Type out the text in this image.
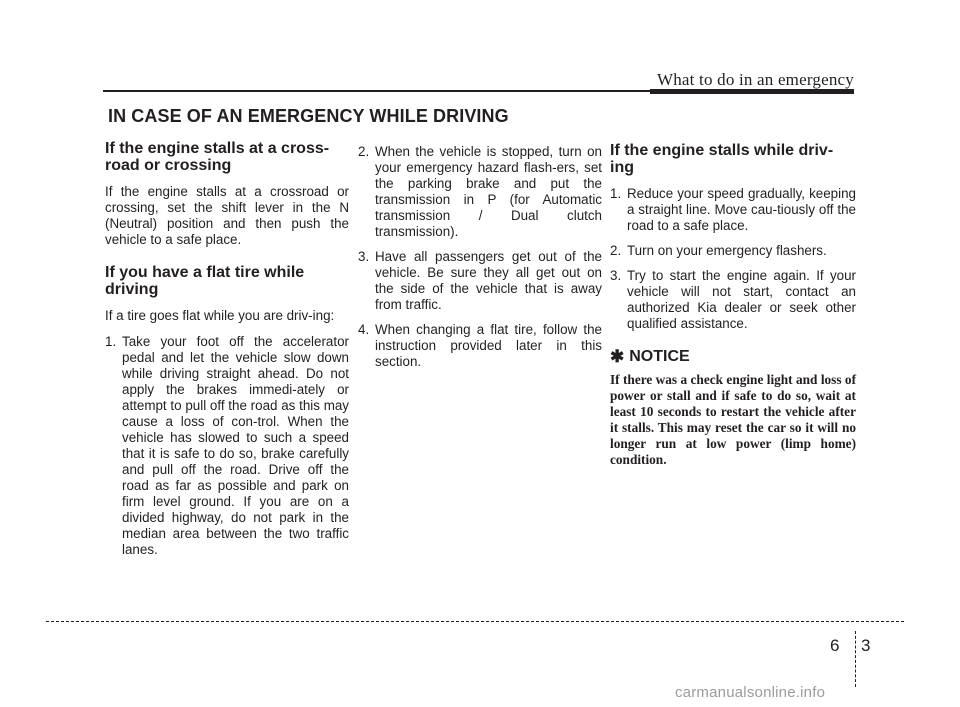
What to do in an emergency
IN CASE OF AN EMERGENCY WHILE DRIVING
If the engine stalls at a cross-
road or crossing

If the engine stalls at a crossroad or crossing, set the shift lever in the N (Neutral) position and then push the vehicle to a safe place.

If you have a flat tire while
driving

If a tire goes flat while you are driv-ing:

1. Take your foot off the accelerator pedal and let the vehicle slow down while driving straight ahead. Do not apply the brakes immedi-ately or attempt to pull off the road as this may cause a loss of con-trol. When the vehicle has slowed to such a speed that it is safe to do so, brake carefully and pull off the road. Drive off the road as far as possible and park on firm level ground. If you are on a divided highway, do not park in the median area between the two traffic lanes.
2. When the vehicle is stopped, turn on your emergency hazard flash-ers, set the parking brake and put the transmission in P (for Automatic transmission / Dual clutch transmission).
3. Have all passengers get out of the vehicle. Be sure they all get out on the side of the vehicle that is away from traffic.
4. When changing a flat tire, follow the instruction provided later in this section.
If the engine stalls while driv-
ing
1. Reduce your speed gradually, keeping a straight line. Move cau-tiously off the road to a safe place.
2. Turn on your emergency flashers.
3. Try to start the engine again. If your vehicle will not start, contact an authorized Kia dealer or seek other qualified assistance.
✱ NOTICE

If there was a check engine light and loss of power or stall and if safe to do so, wait at least 10 seconds to restart the vehicle after it stalls. This may reset the car so it will no longer run at low power (limp home) condition.

6 3
carmanualsonline.info
